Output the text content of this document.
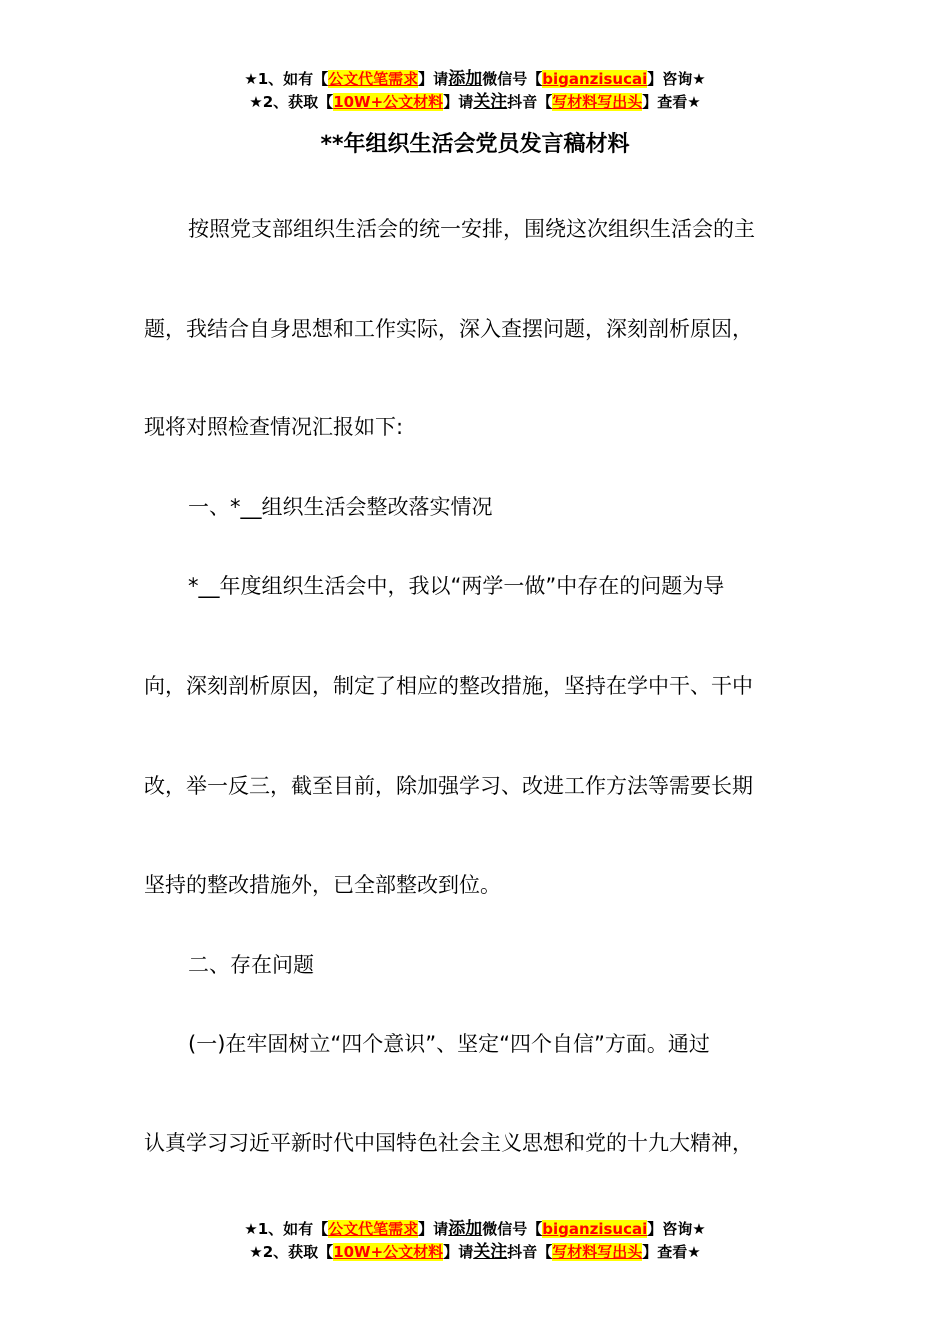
★1、如有【公文代笔需求】请添加微信号【biganzisucai】咨询★
★2、获取【10W+公文材料】请关注抖音【写材料写出头】查看★
**年组织生活会党员发言稿材料
按照党支部组织生活会的统一安排，围绕这次组织生活会的主
题，我结合自身思想和工作实际，深入查摆问题，深刻剖析原因，
现将对照检查情况汇报如下:
一、*__组织生活会整改落实情况
*__年度组织生活会中，我以“两学一做”中存在的问题为导
向，深刻剖析原因，制定了相应的整改措施，坚持在学中干、干中
改，举一反三，截至目前，除加强学习、改进工作方法等需要长期
坚持的整改措施外，已全部整改到位。
二、存在问题
(一)在牢固树立“四个意识”、坚定“四个自信”方面。通过
认真学习习近平新时代中国特色社会主义思想和党的十九大精神，
★1、如有【公文代笔需求】请添加微信号【biganzisucai】咨询★
★2、获取【10W+公文材料】请关注抖音【写材料写出头】查看★
